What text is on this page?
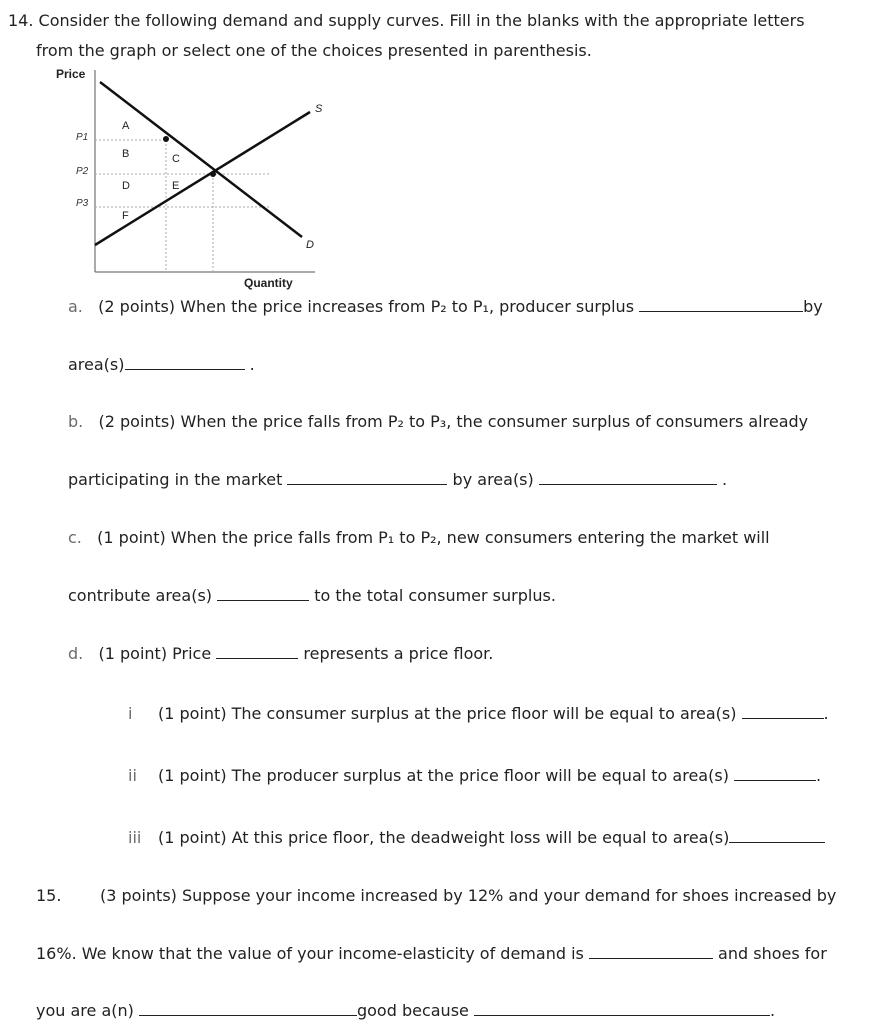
14. Consider the following demand and supply curves. Fill in the blanks with the appropriate letters
from the graph or select one of the choices presented in parenthesis.
Price
S
D
P1
P2
P3
A
B	C
D	E
F
Quantity
a. (2 points) When the price increases from P₂ to P₁, producer surplus	by
area(s)	.
b. (2 points) When the price falls from P₂ to P₃, the consumer surplus of consumers already
participating in the market	by area(s)	.
c. (1 point) When the price falls from P₁ to P₂, new consumers entering the market will
contribute area(s)	to the total consumer surplus.
d. (1 point) Price	represents a price floor.
i (1 point) The consumer surplus at the price floor will be equal to area(s)	.
ii (1 point) The producer surplus at the price floor will be equal to area(s)	.
iii (1 point) At this price floor, the deadweight loss will be equal to area(s)
15. (3 points) Suppose your income increased by 12% and your demand for shoes increased by
16%. We know that the value of your income-elasticity of demand is	and shoes for
you are a(n)	good because	.
